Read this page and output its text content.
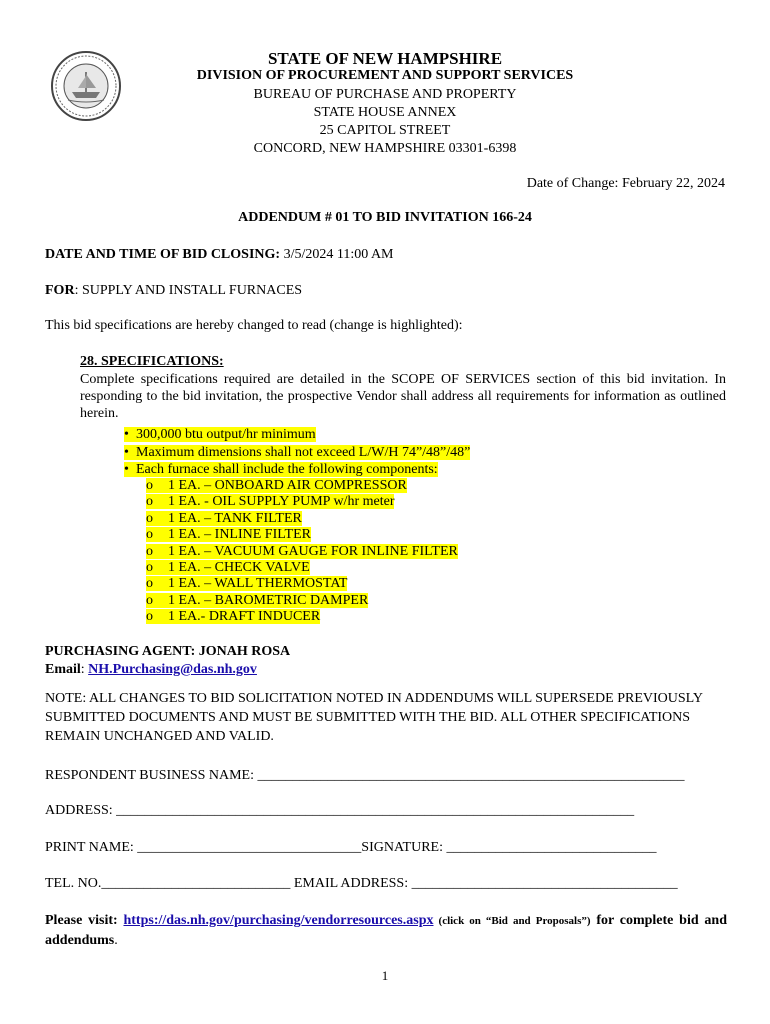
STATE OF NEW HAMPSHIRE
DIVISION OF PROCUREMENT AND SUPPORT SERVICES
BUREAU OF PURCHASE AND PROPERTY
STATE HOUSE ANNEX
25 CAPITOL STREET
CONCORD, NEW HAMPSHIRE 03301-6398
Date of Change: February 22, 2024
ADDENDUM # 01 TO BID INVITATION 166-24
DATE AND TIME OF BID CLOSING: 3/5/2024 11:00 AM
FOR: SUPPLY AND INSTALL FURNACES
This bid specifications are hereby changed to read (change is highlighted):
28. SPECIFICATIONS:
Complete specifications required are detailed in the SCOPE OF SERVICES section of this bid invitation. In responding to the bid invitation, the prospective Vendor shall address all requirements for information as outlined herein.
• 300,000 btu output/hr minimum
• Maximum dimensions shall not exceed L/W/H 74”/48”/48”
• Each furnace shall include the following components:
o 1 EA. – ONBOARD AIR COMPRESSOR
o 1 EA. - OIL SUPPLY PUMP w/hr meter
o 1 EA. – TANK FILTER
o 1 EA. – INLINE FILTER
o 1 EA. – VACUUM GAUGE FOR INLINE FILTER
o 1 EA. – CHECK VALVE
o 1 EA. – WALL THERMOSTAT
o 1 EA. – BAROMETRIC DAMPER
o 1 EA.- DRAFT INDUCER
PURCHASING AGENT: JONAH ROSA
Email: NH.Purchasing@das.nh.gov
NOTE: ALL CHANGES TO BID SOLICITATION NOTED IN ADDENDUMS WILL SUPERSEDE PREVIOUSLY SUBMITTED DOCUMENTS AND MUST BE SUBMITTED WITH THE BID. ALL OTHER SPECIFICATIONS REMAIN UNCHANGED AND VALID.
RESPONDENT BUSINESS NAME: _____________________________________________________________
ADDRESS: __________________________________________________________________________
PRINT NAME: ________________________________SIGNATURE: ______________________________
TEL. NO.___________________________ EMAIL ADDRESS: ______________________________________
Please visit: https://das.nh.gov/purchasing/vendorresources.aspx (click on “Bid and Proposals”) for complete bid and addendums.
1
